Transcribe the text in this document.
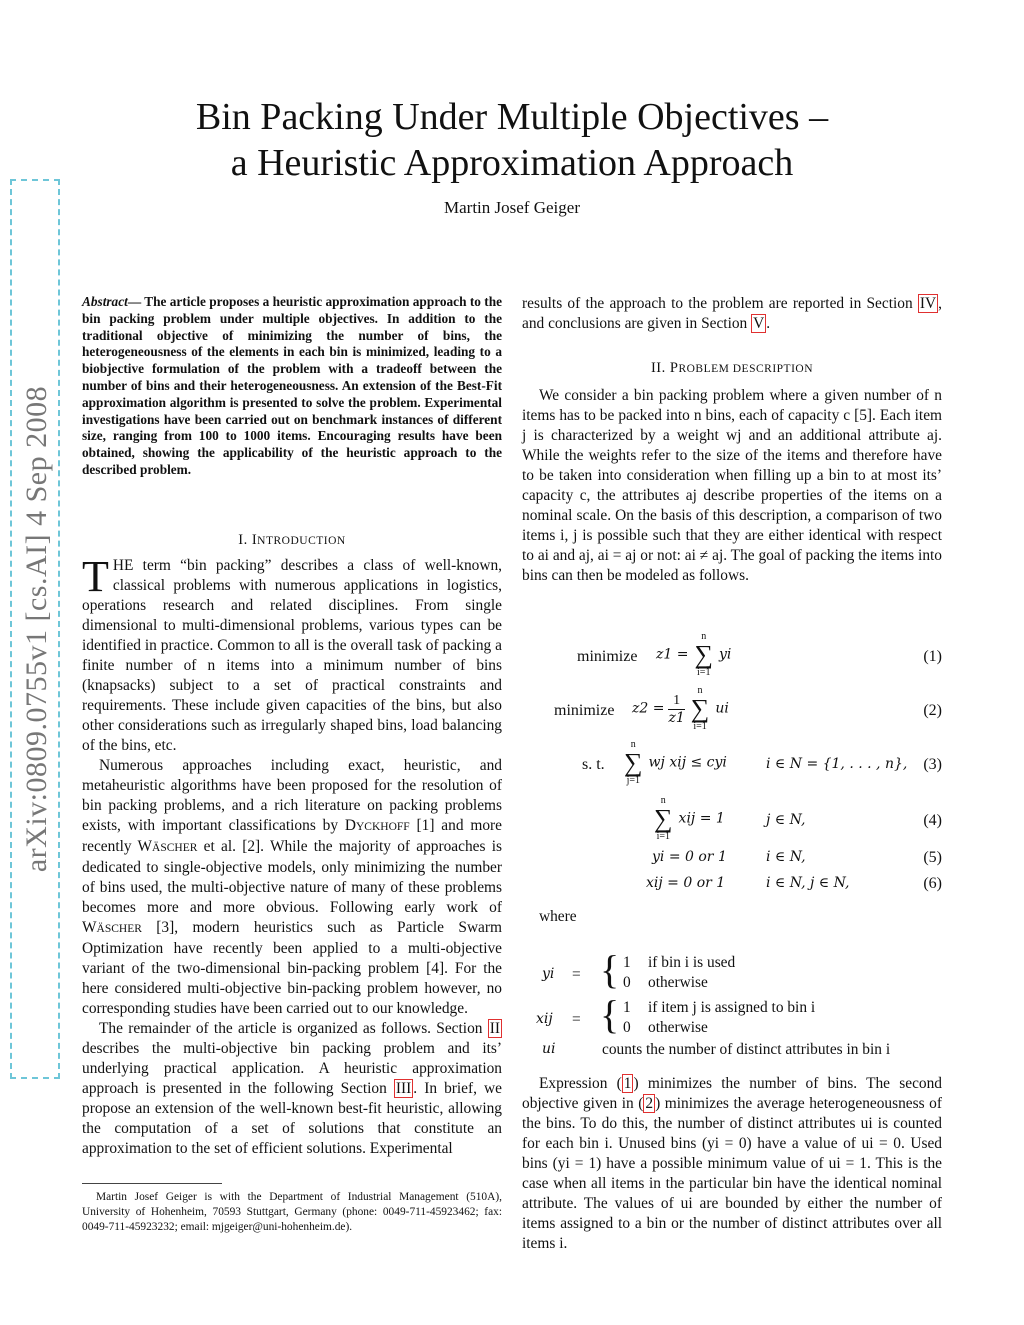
Bin Packing Under Multiple Objectives –
a Heuristic Approximation Approach
Martin Josef Geiger
arXiv:0809.0755v1 [cs.AI] 4 Sep 2008
Abstract— The article proposes a heuristic approximation approach to the bin packing problem under multiple objectives. In addition to the traditional objective of minimizing the number of bins, the heterogeneousness of the elements in each bin is minimized, leading to a biobjective formulation of the problem with a tradeoff between the number of bins and their heterogeneousness. An extension of the Best-Fit approximation algorithm is presented to solve the problem. Experimental investigations have been carried out on benchmark instances of different size, ranging from 100 to 1000 items. Encouraging results have been obtained, showing the applicability of the heuristic approach to the described problem.
I. INTRODUCTION

THE term “bin packing” describes a class of well-known, classical problems with numerous applications in logistics, operations research and related disciplines. From single dimensional to multi-dimensional problems, various types can be identified in practice. Common to all is the overall task of packing a finite number of n items into a minimum number of bins (knapsacks) subject to a set of practical constraints and requirements. These include given capacities of the bins, but also other considerations such as irregularly shaped bins, load balancing of the bins, etc.

Numerous approaches including exact, heuristic, and metaheuristic algorithms have been proposed for the resolution of bin packing problems, and a rich literature on packing problems exists, with important classifications by DYCKHOFF [1] and more recently WÄSCHER et al. [2]. While the majority of approaches is dedicated to single-objective models, only minimizing the number of bins used, the multi-objective nature of many of these problems becomes more and more obvious. Following early work of WÄSCHER [3], modern heuristics such as Particle Swarm Optimization have recently been applied to a multi-objective variant of the two-dimensional bin-packing problem [4]. For the here considered multi-objective bin-packing problem however, no corresponding studies have been carried out to our knowledge.

The remainder of the article is organized as follows. Section II describes the multi-objective bin packing problem and its’ underlying practical application. A heuristic approximation approach is presented in the following Section III . In brief, we propose an extension of the well-known best-fit heuristic, allowing the computation of a set of solutions that constitute an approximation to the set of efficient solutions. Experimental

Martin Josef Geiger is with the Department of Industrial Management (510A), University of Hohenheim, 70593 Stuttgart, Germany (phone: 0049-711-45923462; fax: 0049-711-45923232; email: mjgeiger@uni-hohenheim.de).

results of the approach to the problem are reported in Section IV , and conclusions are given in Section V .

II. PROBLEM DESCRIPTION

We consider a bin packing problem where a given number of n items has to be packed into n bins, each of capacity c [5]. Each item j is characterized by a weight wj and an additional attribute aj. While the weights refer to the size of the items and therefore have to be taken into consideration when filling up a bin to at most its’ capacity c, the attributes aj describe properties of the items on a nominal scale. On the basis of this description, a comparison of two items i, j is possible such that they are either identical with respect to ai and aj, ai = aj or not: ai ≠ aj. The goal of packing the items into bins can then be modeled as follows.

minimize z1 =
n
∑
i=1
yi	(1)
minimize $z2 = \frac{1}{z1}$

n
∑
i=1
ui	(2)
s. t.
n
∑
j=1
wj xij ≤ cyi	i ∈ N = {1, . . . , n}, (3)
n
∑
i=1
xij = 1	j ∈ N,	(4)
yi = 0 or 1	i ∈ N,	(5)
xij = 0 or 1	i ∈ N, j ∈ N,	(6)
where
yi = { 1 if bin i is used
0 otherwise
xij = { 1 if item j is assigned to bin i
0 otherwise
ui	counts the number of distinct attributes in bin i

Expression ( 1 ) minimizes the number of bins. The second objective given in ( 2 ) minimizes the average heterogeneousness of the bins. To do this, the number of distinct attributes ui is counted for each bin i. Unused bins (yi = 0) have a value of ui = 0. Used bins (yi = 1) have a possible minimum value of ui = 1. This is the case when all items in the particular bin have the identical nominal attribute. The values of ui are bounded by either the number of items assigned to a bin or the number of distinct attributes over all items i.
